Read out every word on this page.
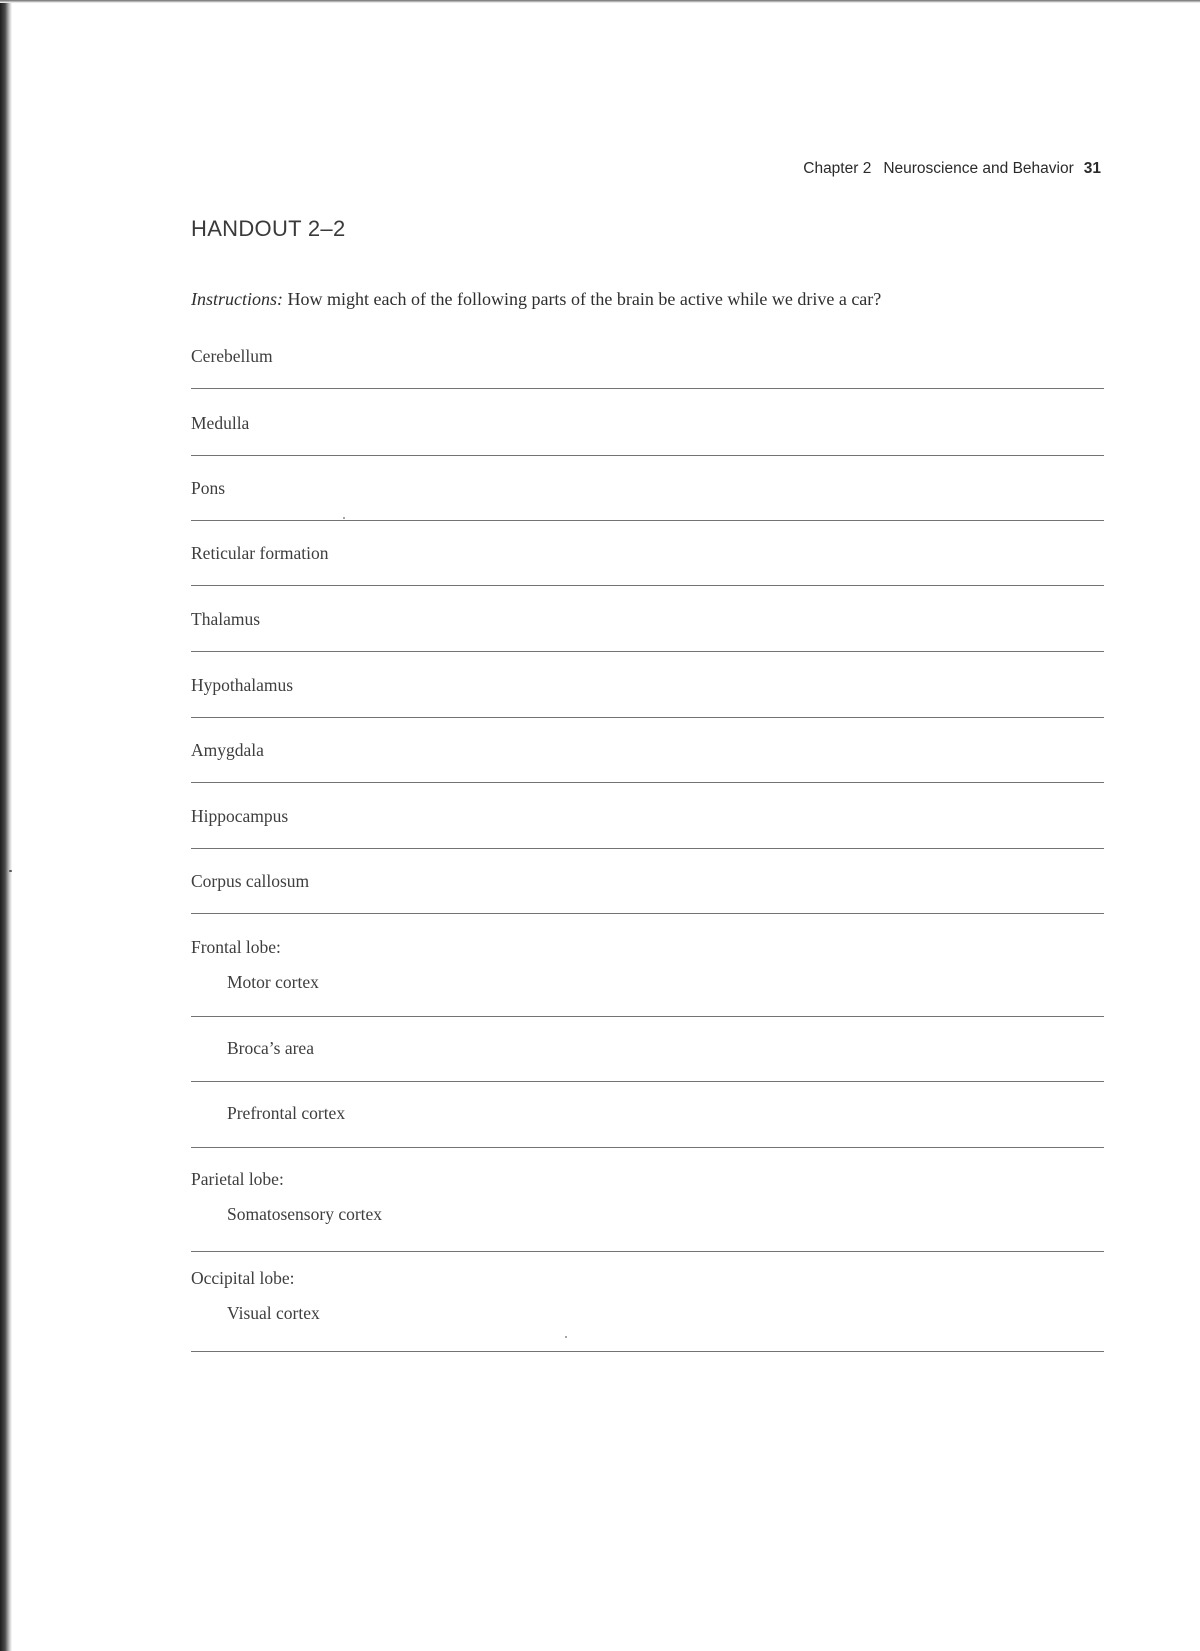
Chapter 2 Neuroscience and Behavior 31
HANDOUT 2–2
Instructions: How might each of the following parts of the brain be active while we drive a car?
Cerebellum
Medulla
Pons
Reticular formation
Thalamus
Hypothalamus
Amygdala
Hippocampus
Corpus callosum
Frontal lobe:
Motor cortex
Broca’s area
Prefrontal cortex
Parietal lobe:
Somatosensory cortex
Occipital lobe:
Visual cortex
